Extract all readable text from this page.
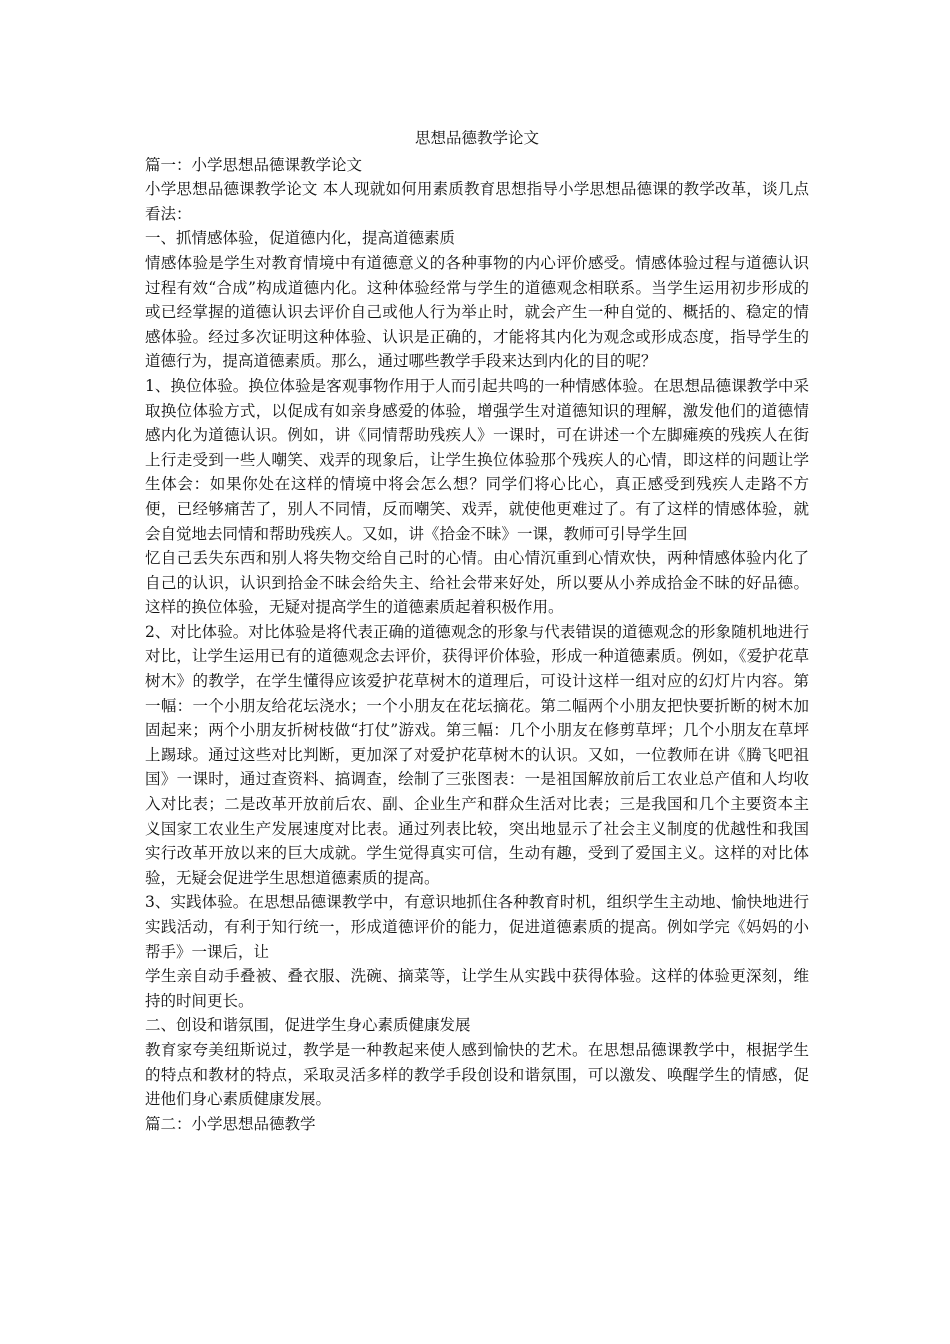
思想品德教学论文

篇一：小学思想品德课教学论文

小学思想品德课教学论文 本人现就如何用素质教育思想指导小学思想品德课的教学改革，谈几点看法：

一、抓情感体验，促道德内化，提高道德素质

情感体验是学生对教育情境中有道德意义的各种事物的内心评价感受。情感体验过程与道德认识过程有效“合成”构成道德内化。这种体验经常与学生的道德观念相联系。当学生运用初步形成的或已经掌握的道德认识去评价自己或他人行为举止时，就会产生一种自觉的、概括的、稳定的情感体验。经过多次证明这种体验、认识是正确的，才能将其内化为观念或形成态度，指导学生的道德行为，提高道德素质。那么，通过哪些教学手段来达到内化的目的呢？

1、换位体验。换位体验是客观事物作用于人而引起共鸣的一种情感体验。在思想品德课教学中采取换位体验方式，以促成有如亲身感爱的体验，增强学生对道德知识的理解，激发他们的道德情感内化为道德认识。例如，讲《同情帮助残疾人》一课时，可在讲述一个左脚瘫痪的残疾人在街上行走受到一些人嘲笑、戏弄的现象后，让学生换位体验那个残疾人的心情，即这样的问题让学生体会：如果你处在这样的情境中将会怎么想？同学们将心比心，真正感受到残疾人走路不方便，已经够痛苦了，别人不同情，反而嘲笑、戏弄，就使他更难过了。有了这样的情感体验，就会自觉地去同情和帮助残疾人。又如，讲《拾金不昧》一课，教师可引导学生回

忆自己丢失东西和别人将失物交给自己时的心情。由心情沉重到心情欢快，两种情感体验内化了自己的认识，认识到拾金不昧会给失主、给社会带来好处，所以要从小养成拾金不昧的好品德。这样的换位体验，无疑对提高学生的道德素质起着积极作用。

2、对比体验。对比体验是将代表正确的道德观念的形象与代表错误的道德观念的形象随机地进行对比，让学生运用已有的道德观念去评价，获得评价体验，形成一种道德素质。例如，《爱护花草树木》的教学，在学生懂得应该爱护花草树木的道理后，可设计这样一组对应的幻灯片内容。第一幅：一个小朋友给花坛浇水；一个小朋友在花坛摘花。第二幅两个小朋友把快要折断的树木加固起来；两个小朋友折树枝做“打仗”游戏。第三幅：几个小朋友在修剪草坪；几个小朋友在草坪上踢球。通过这些对比判断，更加深了对爱护花草树木的认识。又如，一位教师在讲《腾飞吧祖国》一课时，通过查资料、搞调查，绘制了三张图表：一是祖国解放前后工农业总产值和人均收入对比表；二是改革开放前后农、副、企业生产和群众生活对比表；三是我国和几个主要资本主义国家工农业生产发展速度对比表。通过列表比较，突出地显示了社会主义制度的优越性和我国实行改革开放以来的巨大成就。学生觉得真实可信，生动有趣，受到了爱国主义。这样的对比体验，无疑会促进学生思想道德素质的提高。

3、实践体验。在思想品德课教学中，有意识地抓住各种教育时机，组织学生主动地、愉快地进行实践活动，有利于知行统一，形成道德评价的能力，促进道德素质的提高。例如学完《妈妈的小帮手》一课后，让

学生亲自动手叠被、叠衣服、洗碗、摘菜等，让学生从实践中获得体验。这样的体验更深刻，维持的时间更长。

二、创设和谐氛围，促进学生身心素质健康发展

教育家夸美纽斯说过，教学是一种教起来使人感到愉快的艺术。在思想品德课教学中，根据学生的特点和教材的特点，采取灵活多样的教学手段创设和谐氛围，可以激发、唤醒学生的情感，促进他们身心素质健康发展。

篇二：小学思想品德教学
